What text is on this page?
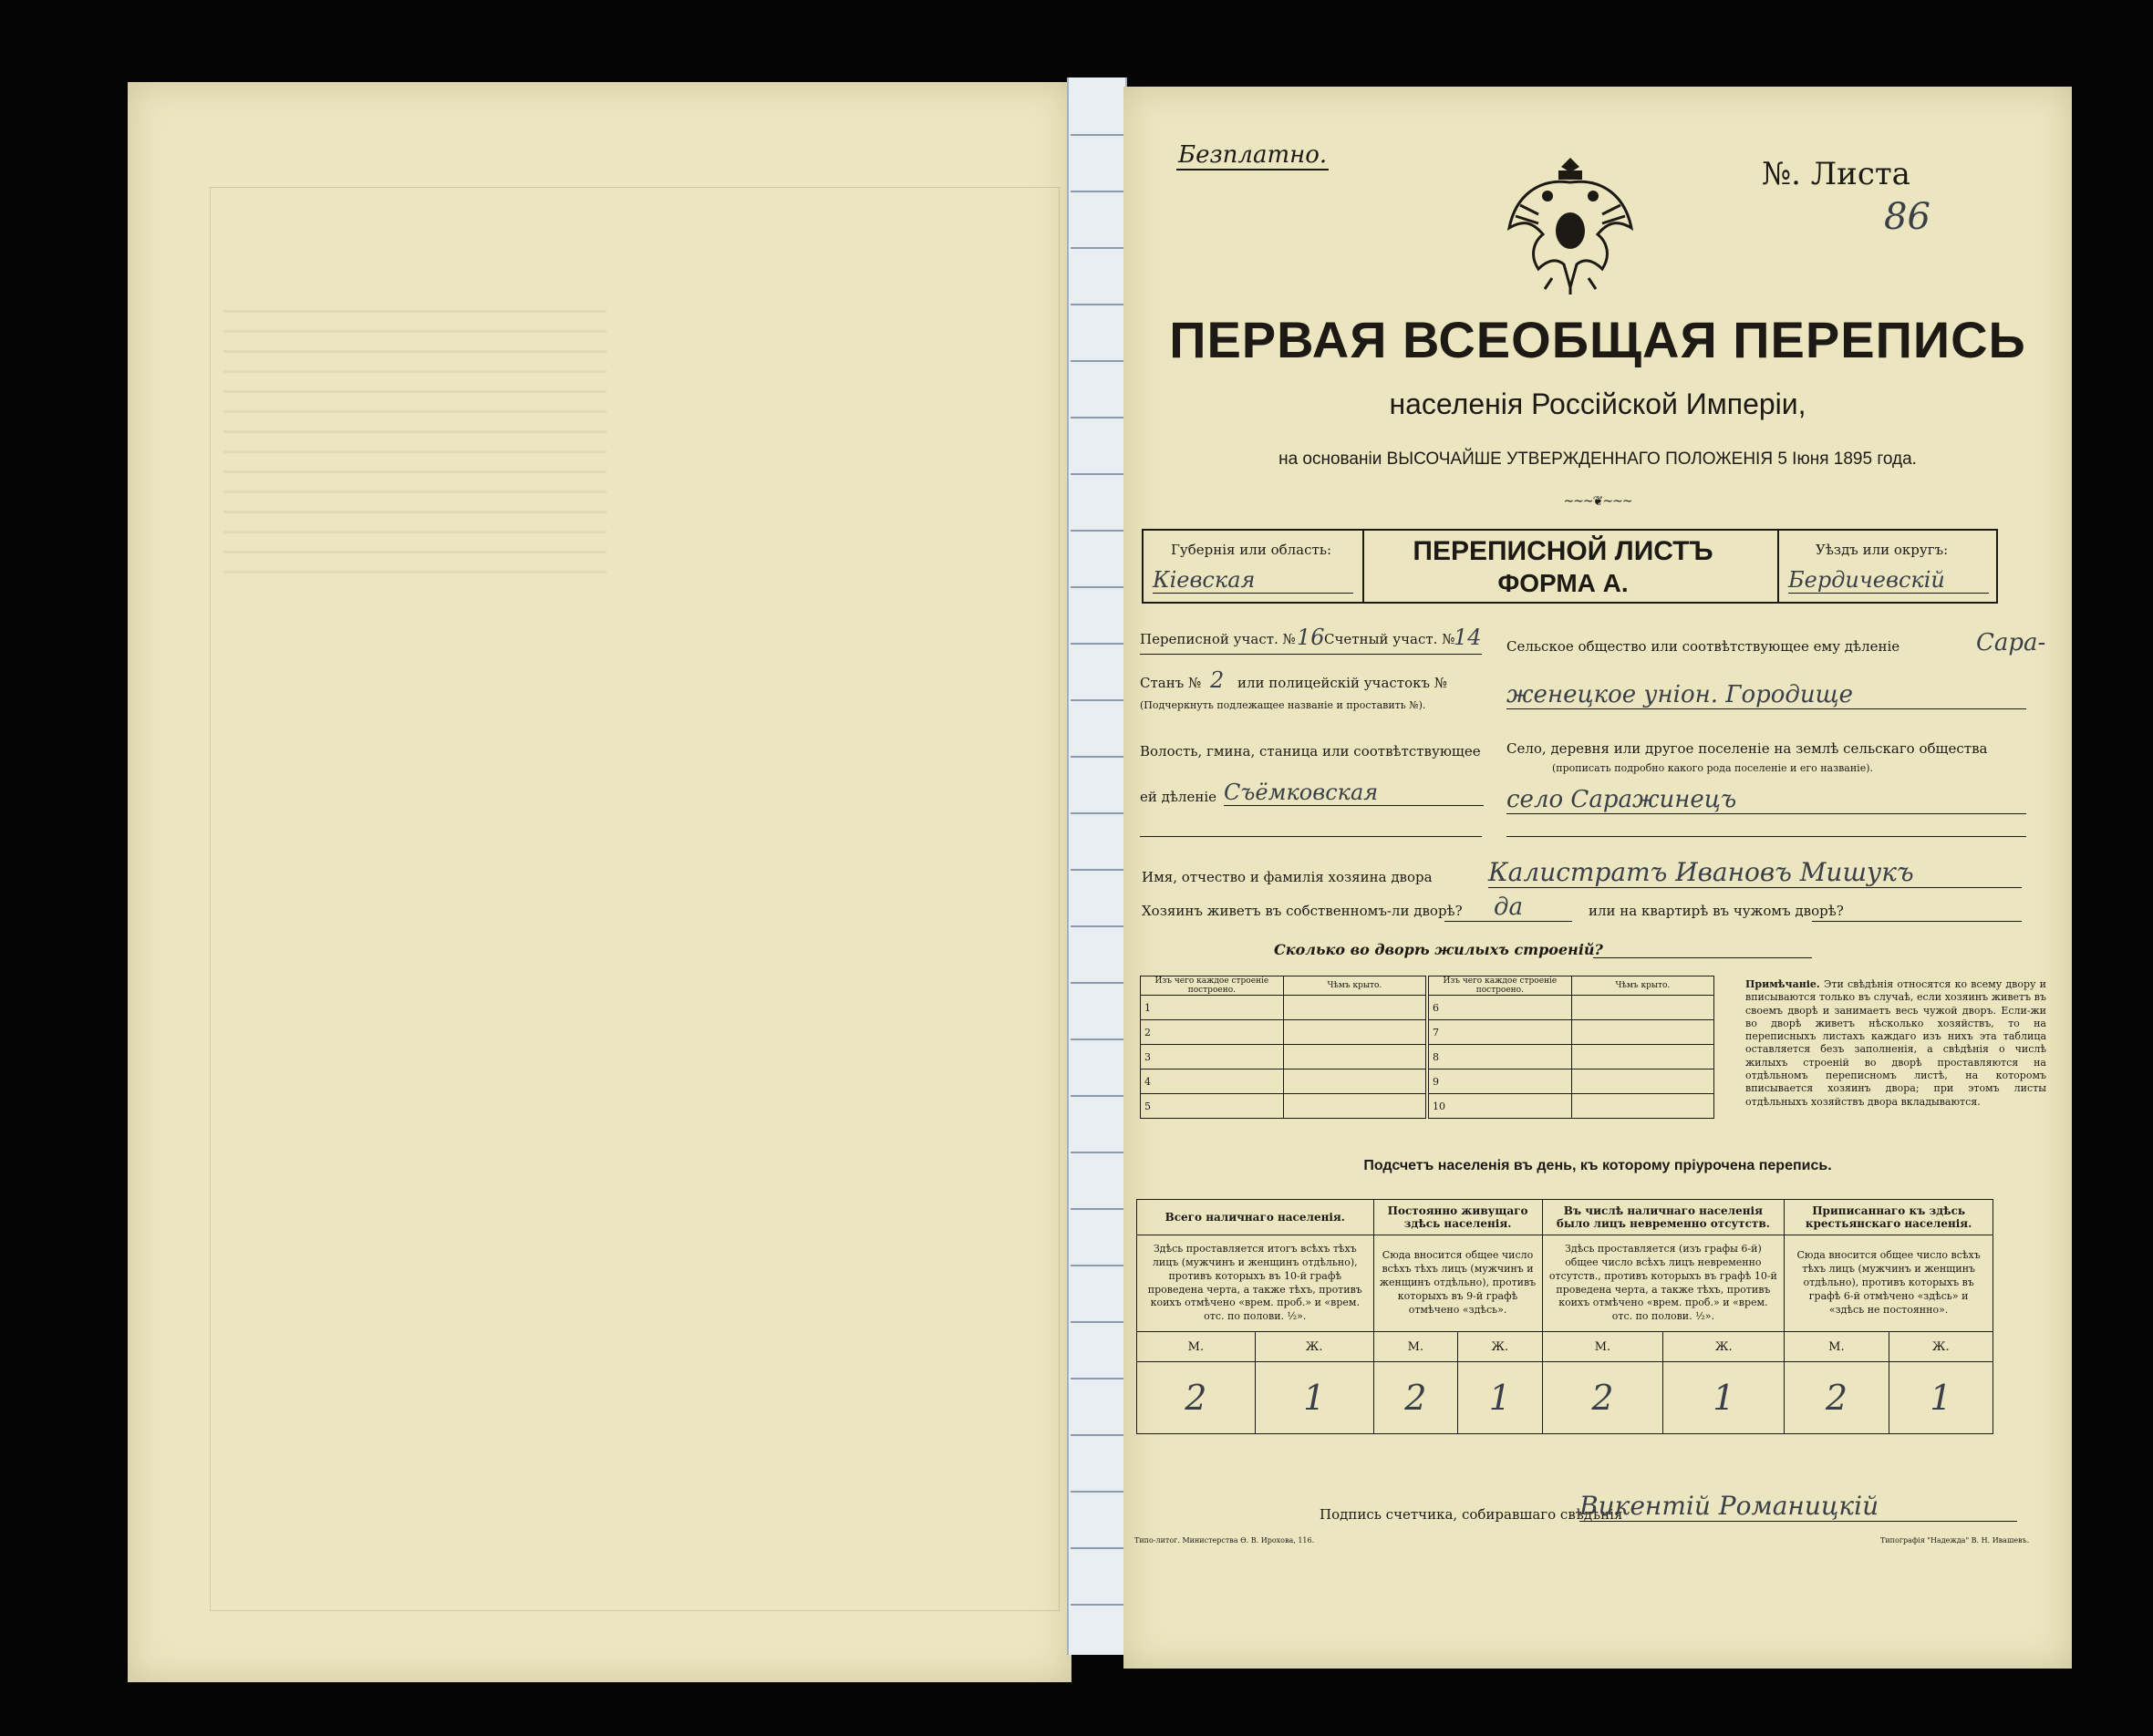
Безплатно.
№. Листа
86
ПЕРВАЯ ВСЕОБЩАЯ ПЕРЕПИСЬ
населенія Россійской Имперіи,
на основаніи ВЫСОЧАЙШЕ УТВЕРЖДЕННАГО ПОЛОЖЕНІЯ 5 Іюня 1895 года.
~~~❦~~~
Губернія или область:
Кіевская
ПЕРЕПИСНОЙ ЛИСТЪ
ФОРМА А.
Уѣздъ или округъ:
Бердичевскій
Переписной участ. № 16 Счетный участ. №
14
Станъ № 2 или полицейскій участокъ №
(Подчеркнуть подлежащее названіе и проставить №).
Волость, гмина, станица или соотвѣтствующее
ей дѣленіе Съёмковская
Сельское общество или соотвѣтствующее ему дѣленіе	Сара-
женецкое уніон. Городище
Село, деревня или другое поселеніе на землѣ сельскаго общества
(прописать подробно какого рода поселеніе и его названіе).
село Саражинецъ
Имя, отчество и фамилія хозяина двора Калистратъ Ивановъ Мишукъ
Хозяинъ живетъ въ собственномъ-ли дворѣ?	да	или на квартирѣ въ чужомъ дворѣ?
Сколько во дворѣ жилыхъ строеній?
Изъ чего каждое строеніе построено.	Чѣмъ крыто.	Изъ чего каждое строеніе построено.	Чѣмъ крыто.
1		6	
2		7	
3		8	
4		9	
5		10	
Примѣчаніе. Эти свѣдѣнія относятся ко всему двору и вписываются только въ случаѣ, если хозяинъ живетъ въ своемъ дворѣ и занимаетъ весь чужой дворъ. Если-жи во дворѣ живетъ нѣсколько хозяйствъ, то на переписныхъ листахъ каждаго изъ нихъ эта таблица оставляется безъ заполненія, а свѣдѣнія о числѣ жилыхъ строеній во дворѣ проставляются на отдѣльномъ переписномъ листѣ, на которомъ вписывается хозяинъ двора; при этомъ листы отдѣльныхъ хозяйствъ двора вкладываются.
Подсчетъ населенія въ день, къ которому пріурочена перепись.
Всего наличнаго населенія.		Постоянно живущаго здѣсь населенія.		Въ числѣ наличнаго населенія было лицъ невременно отсутств.		Приписаннаго къ здѣсь крестьянскаго населенія.	
Здѣсь проставляется итогъ всѣхъ тѣхъ лицъ (мужчинъ и женщинъ отдѣльно), противъ которыхъ въ 10-й графѣ проведена черта, а также тѣхъ, противъ коихъ отмѣчено «врем. проб.» и «врем. отс. по полови. ½».		Сюда вносится общее число всѣхъ тѣхъ лицъ (мужчинъ и женщинъ отдѣльно), противъ которыхъ въ 9-й графѣ отмѣчено «здѣсь».		Здѣсь проставляется (изъ графы 6-й) общее число всѣхъ лицъ невременно отсутств., противъ которыхъ въ графѣ 10-й проведена черта, а также тѣхъ, противъ коихъ отмѣчено «врем. проб.» и «врем. отс. по полови. ½».		Сюда вносится общее число всѣхъ тѣхъ лицъ (мужчинъ и женщинъ отдѣльно), противъ которыхъ въ графѣ 6-й отмѣчено «здѣсь» и «здѣсь не постоянно».	
М.	Ж.	М.	Ж.	М.	Ж.	М.	Ж.
2	1	2	1	2	1	2	1
Подпись счетчика, собиравшаго свѣдѣнія
Викентій Романицкій
Типо-литог. Министерства Ѳ. В. Ирохова, 116.	Типографія "Надежда" В. Н. Ивашевъ.
